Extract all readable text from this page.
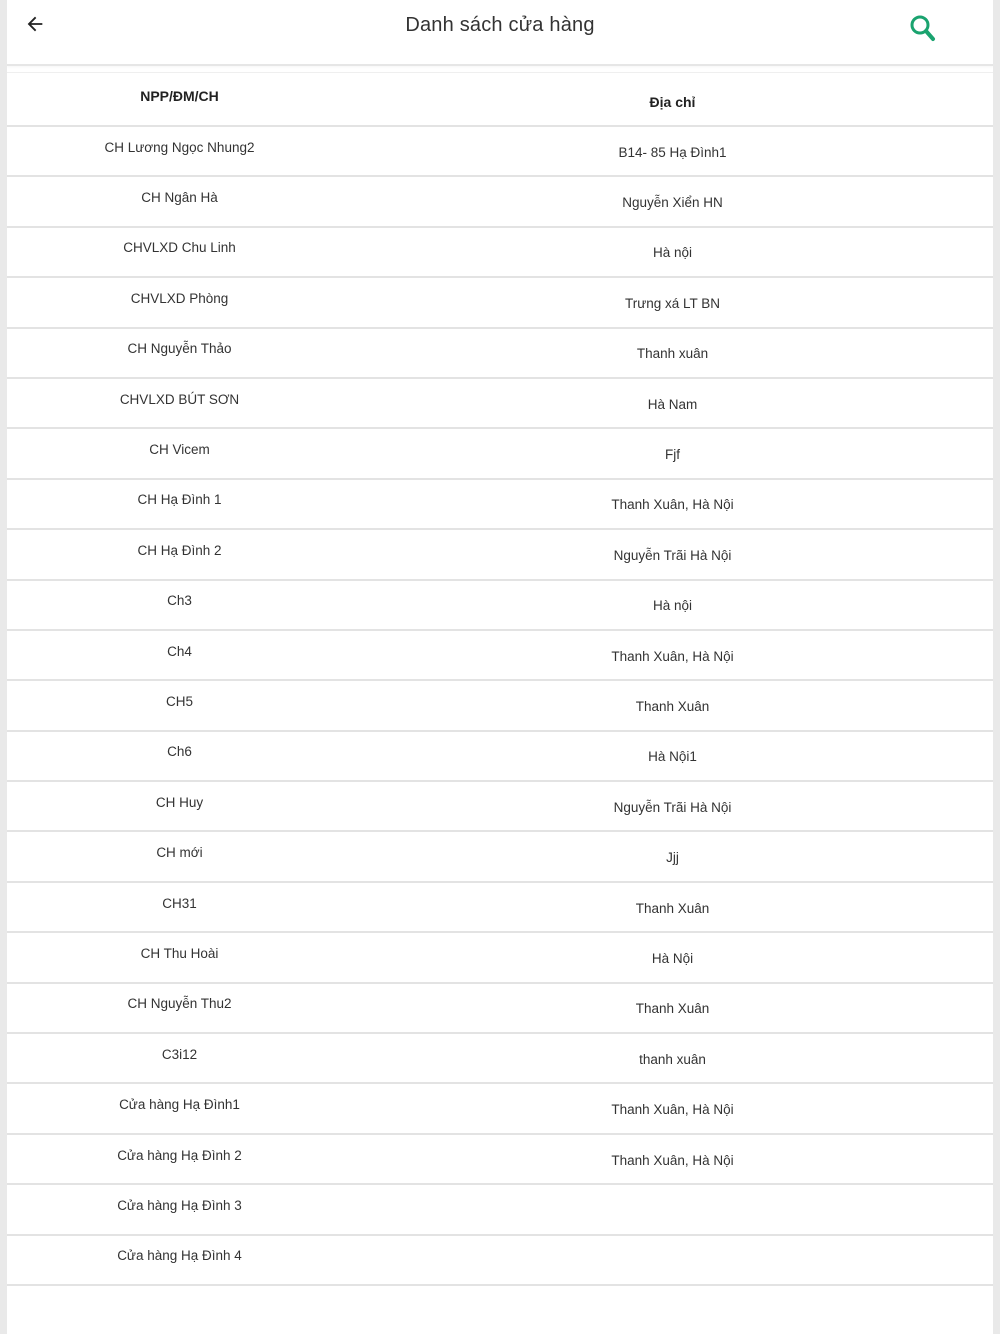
Danh sách cửa hàng
NPP/ĐM/CH	Địa chỉ
CH Lương Ngọc Nhung2	B14- 85 Hạ Đình1
CH Ngân Hà	Nguyễn Xiển HN
CHVLXD Chu Linh	Hà nội
CHVLXD Phòng	Trưng xá LT BN
CH Nguyễn Thảo	Thanh xuân
CHVLXD BÚT SƠN	Hà Nam
CH Vicem	Fjf
CH Hạ Đình 1	Thanh Xuân, Hà Nội
CH Hạ Đình 2	Nguyễn Trãi Hà Nội
Ch3	Hà nội
Ch4	Thanh Xuân, Hà Nội
CH5	Thanh Xuân
Ch6	Hà Nội1
CH Huy	Nguyễn Trãi Hà Nội
CH mới	Jjj
CH31	Thanh Xuân
CH Thu Hoài	Hà Nội
CH Nguyễn Thu2	Thanh Xuân
C3i12	thanh xuân
Cửa hàng Hạ Đình1	Thanh Xuân, Hà Nội
Cửa hàng Hạ Đình 2	Thanh Xuân, Hà Nội
Cửa hàng Hạ Đình 3
Cửa hàng Hạ Đình 4
